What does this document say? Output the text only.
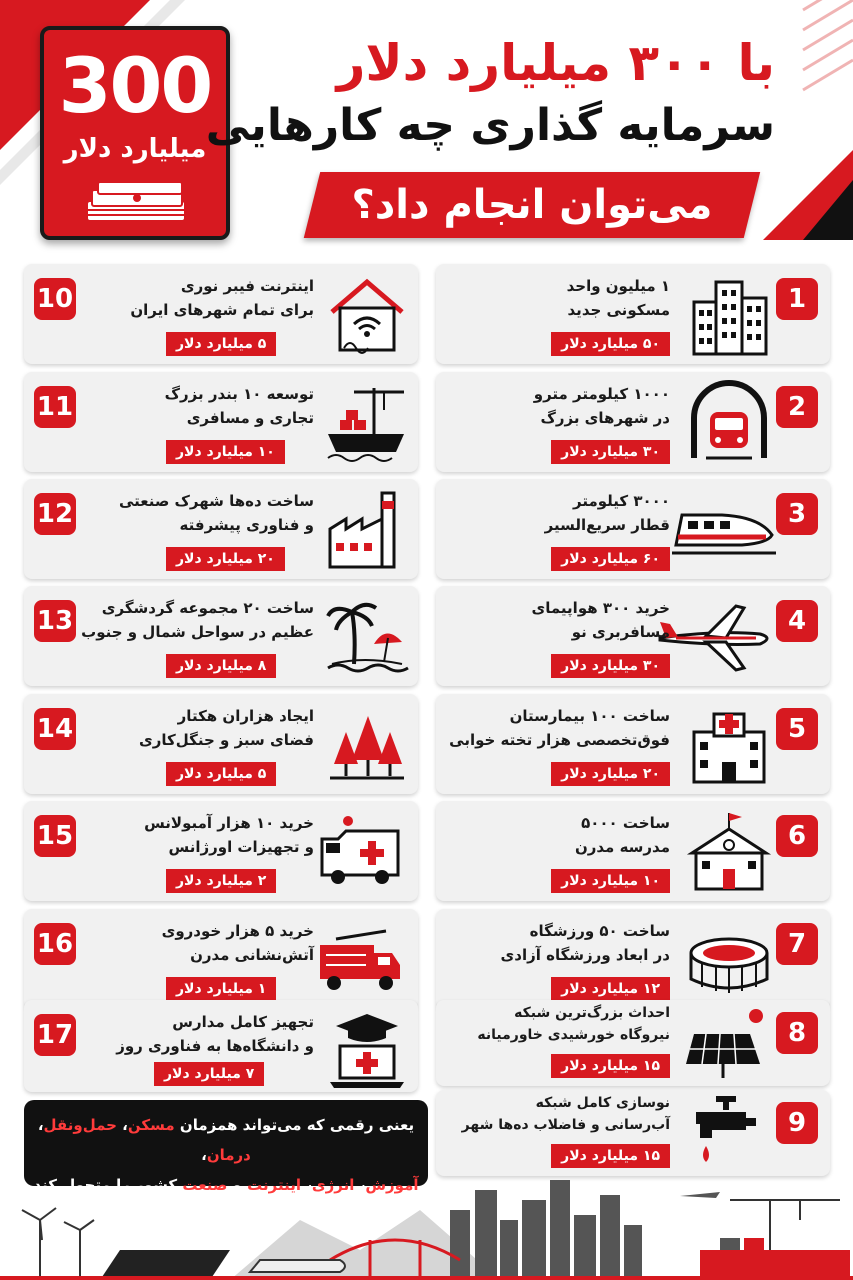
300
میلیارد دلار
با ۳۰۰ میلیارد دلار
سرمایه گذاری چه کارهایی
می‌توان انجام داد؟
1
۱ میلیون واحد
مسکونی جدید
۵۰ میلیارد دلار
2
۱۰۰۰ کیلومتر مترو
در شهرهای بزرگ
۳۰ میلیارد دلار
3
۳۰۰۰ کیلومتر
قطار سریع‌السیر
۶۰ میلیارد دلار
4
خرید ۳۰۰ هواپیمای
مسافربری نو
۳۰ میلیارد دلار
5
ساخت ۱۰۰ بیمارستان
فوق‌تخصصی هزار تخته خوابی
۲۰ میلیارد دلار
6
ساخت ۵۰۰۰
مدرسه مدرن
۱۰ میلیارد دلار
7
ساخت ۵۰ ورزشگاه
در ابعاد ورزشگاه آزادی
۱۲ میلیارد دلار
8
احداث بزرگ‌ترین شبکه
نیروگاه خورشیدی خاورمیانه
۱۵ میلیارد دلار
9
نوسازی کامل شبکه
آب‌رسانی و فاضلاب ده‌ها شهر
۱۵ میلیارد دلار
10	اینترنت فیبر نوری
برای تمام شهرهای ایران
۵ میلیارد دلار
11	توسعه ۱۰ بندر بزرگ
تجاری و مسافری
۱۰ میلیارد دلار
12	ساخت ده‌ها شهرک صنعتی
و فناوری پیشرفته
۲۰ میلیارد دلار
13 ساخت ۲۰ مجموعه گردشگری
عظیم در سواحل شمال و جنوب
۸ میلیارد دلار
14	ایجاد هزاران هکتار
فضای سبز و جنگل‌کاری
۵ میلیارد دلار
15	خرید ۱۰ هزار آمبولانس
و تجهیزات اورژانس
۲ میلیارد دلار
16	خرید ۵ هزار خودروی
آتش‌نشانی مدرن
۱ میلیارد دلار
17	تجهیز کامل مدارس
و دانشگاه‌ها به فناوری روز
۷ میلیارد دلار
یعنی رقمی که می‌تواند همزمان مسکن، حمل‌ونقل، درمان،
آموزش، انرژی، اینترنت و صنعت کشور را متحول کند
